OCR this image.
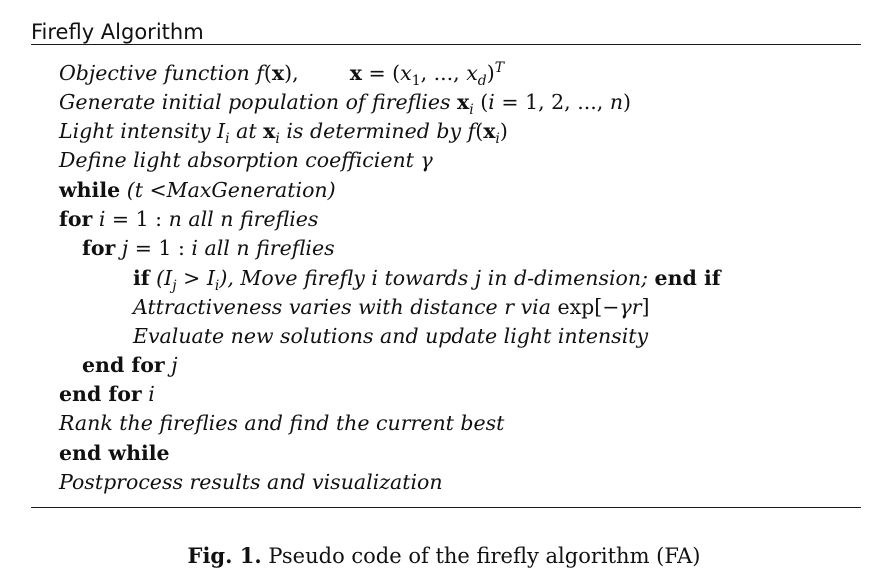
Firefly Algorithm
Objective function f(x), $x = (x_1$, ..., $x_d)^T$
Generate initial population of fireflies $x_i$ (i = 1, 2, ..., n)
Light intensity $I_i$ at $x_i$ is determined by $f(x_i)$
Define light absorption coefficient γ
while (t <MaxGeneration)
for i = 1 : n all n fireflies
for j = 1 : i all n fireflies
if $(I_j > I_i)$, Move firefly i towards j in d-dimension; end if
Attractiveness varies with distance r via exp[−γr]
Evaluate new solutions and update light intensity
end for j
end for i
Rank the fireflies and find the current best
end while
Postprocess results and visualization
Fig. 1. Pseudo code of the firefly algorithm (FA)
